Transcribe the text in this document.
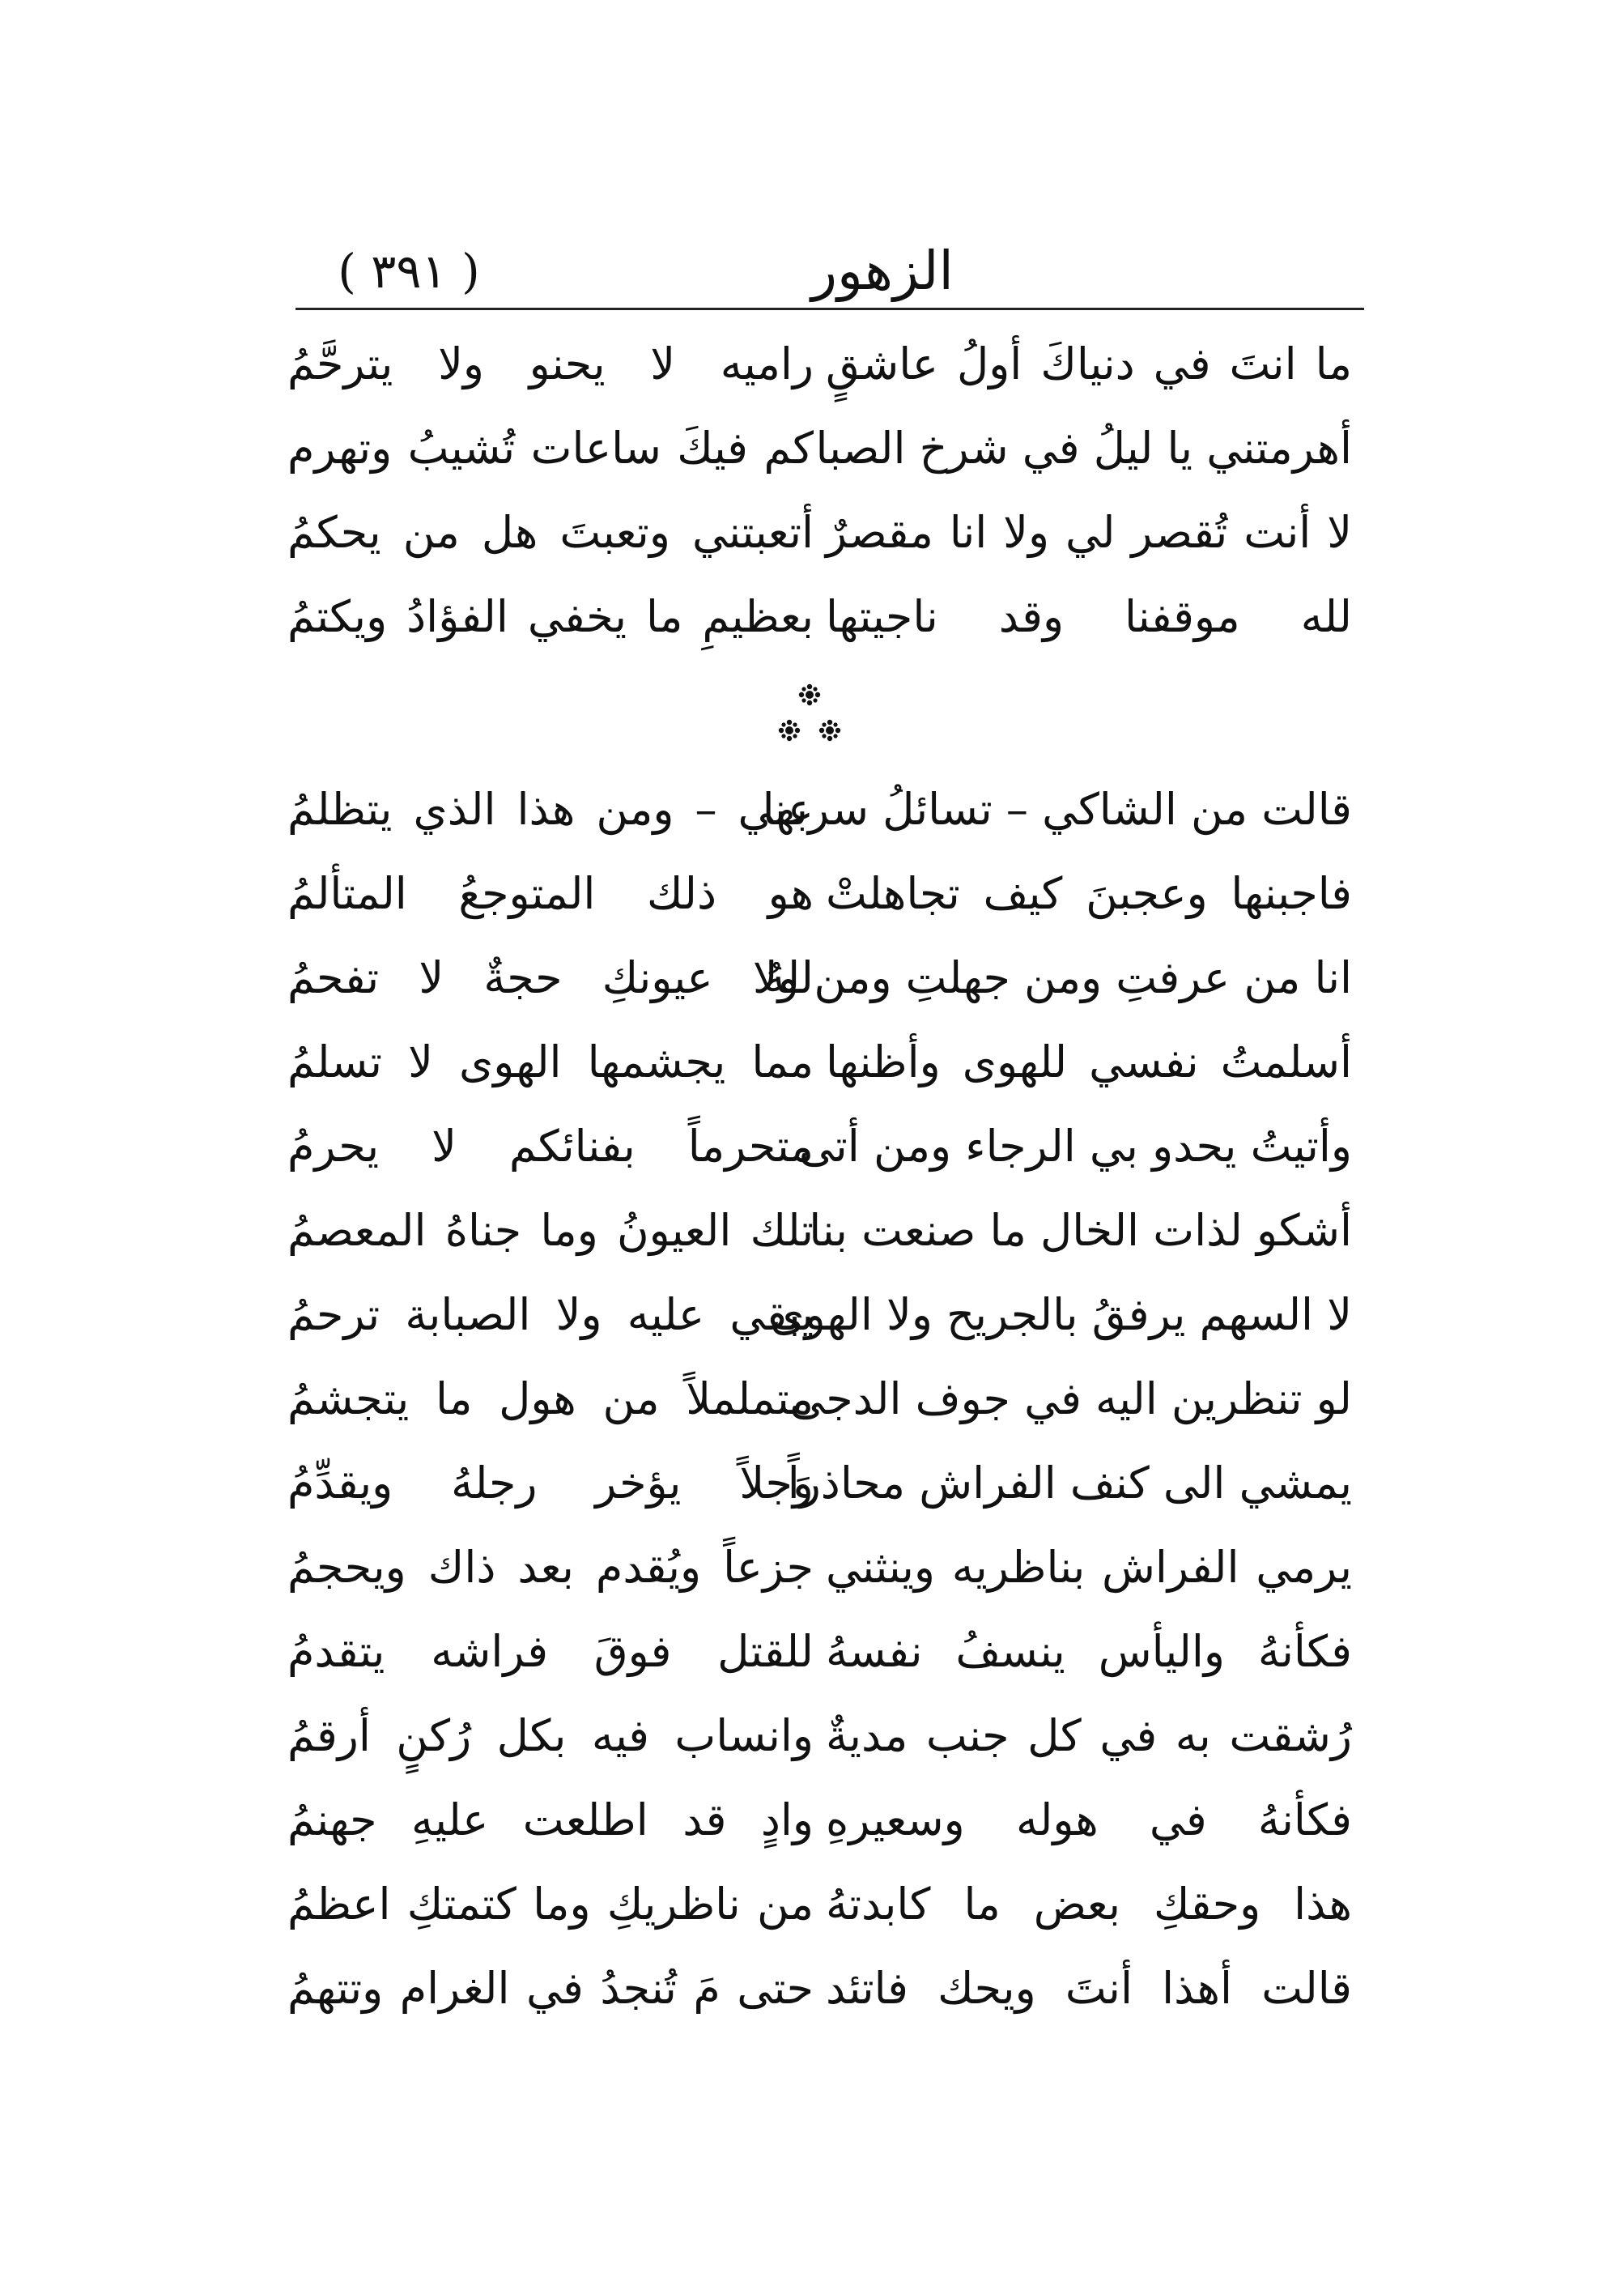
الزهور
( ٣٩١ )
ما انتَ في دنياكَ أولُ عاشقٍ
راميه لا يحنو ولا يترحَّمُ
أهرمتني يا ليلُ في شرخ الصبا
كم فيكَ ساعات تُشيبُ وتهرم
لا أنت تُقصر لي ولا انا مقصرٌ
أتعبتني وتعبتَ هل من يحكمُ
لله موقفنا وقد ناجيتها
بعظيمِ ما يخفي الفؤادُ ويكتمُ
قالت من الشاكي – تسائلُ سربها
عني – ومن هذا الذي يتظلمُ
فاجبنها وعجبنَ كيف تجاهلتْ
هو ذلك المتوجعُ المتألمُ
انا من عرفتِ ومن جهلتِ ومن لهُ
لولا عيونكِ حجةٌ لا تفحمُ
أسلمتُ نفسي للهوى وأظنها
مما يجشمها الهوى لا تسلمُ
وأتيتُ يحدو بي الرجاء ومن أتى
متحرماً بفنائكم لا يحرمُ
أشكو لذات الخال ما صنعت بنا
تلك العيونُ وما جناهُ المعصمُ
لا السهم يرفقُ بالجريح ولا الهوى
يبقي عليه ولا الصبابة ترحمُ
لو تنظرين اليه في جوف الدجى
متململاً من هول ما يتجشمُ
يمشي الى كنف الفراش محاذراً
وَجلاً يؤخر رجلهُ ويقدِّمُ
يرمي الفراش بناظريه وينثني
جزعاً ويُقدم بعد ذاك ويحجمُ
فكأنهُ واليأس ينسفُ نفسهُ
للقتل فوقَ فراشه يتقدمُ
رُشقت به في كل جنب مديةٌ
وانساب فيه بكل رُكنٍ أرقمُ
فكأنهُ في هوله وسعيرهِ
وادٍ قد اطلعت عليهِ جهنمُ
هذا وحقكِ بعض ما كابدتهُ
من ناظريكِ وما كتمتكِ اعظمُ
قالت أهذا أنتَ ويحك فاتئد
حتى مَ تُنجدُ في الغرام وتتهمُ
